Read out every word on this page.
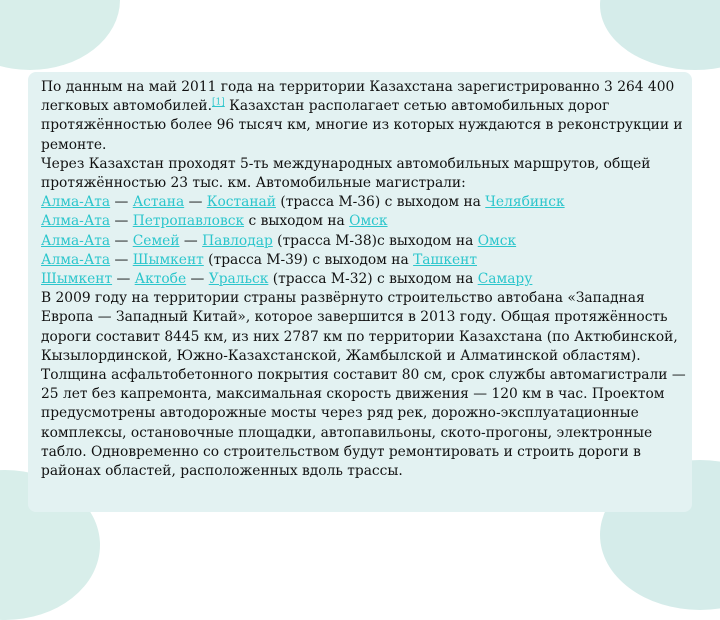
По данным на май 2011 года на территории Казахстана зарегистрированно 3 264 400 легковых автомобилей.[1] Казахстан располагает сетью автомобильных дорог протяжённостью более 96 тысяч км, многие из которых нуждаются в реконструкции и ремонте.

Через Казахстан проходят 5-ть международных автомобильных маршрутов, общей протяжённостью 23 тыс. км. Автомобильные магистрали:

Алма-Ата — Астана — Костанай (трасса М-36) с выходом на Челябинск

Алма-Ата — Петропавловск с выходом на Омск

Алма-Ата — Семей — Павлодар (трасса М-38)с выходом на Омск

Алма-Ата — Шымкент (трасса М-39) с выходом на Ташкент

Шымкент — Актобе — Уральск (трасса М-32) с выходом на Самару

В 2009 году на территории страны развёрнуто строительство автобана «Западная Европа — Западный Китай», которое завершится в 2013 году. Общая протяжённость дороги составит 8445 км, из них 2787 км по территории Казахстана (по Актюбинской, Кызылординской, Южно-Казахстанской, Жамбылской и Алматинской областям). Толщина асфальтобетонного покрытия составит 80 см, срок службы автомагистрали — 25 лет без капремонта, максимальная скорость движения — 120 км в час. Проектом предусмотрены автодорожные мосты через ряд рек, дорожно-эксплуатационные комплексы, остановочные площадки, автопавильоны, ското-прогоны, электронные табло. Одновременно со строительством будут ремонтировать и строить дороги в районах областей, расположенных вдоль трассы.
